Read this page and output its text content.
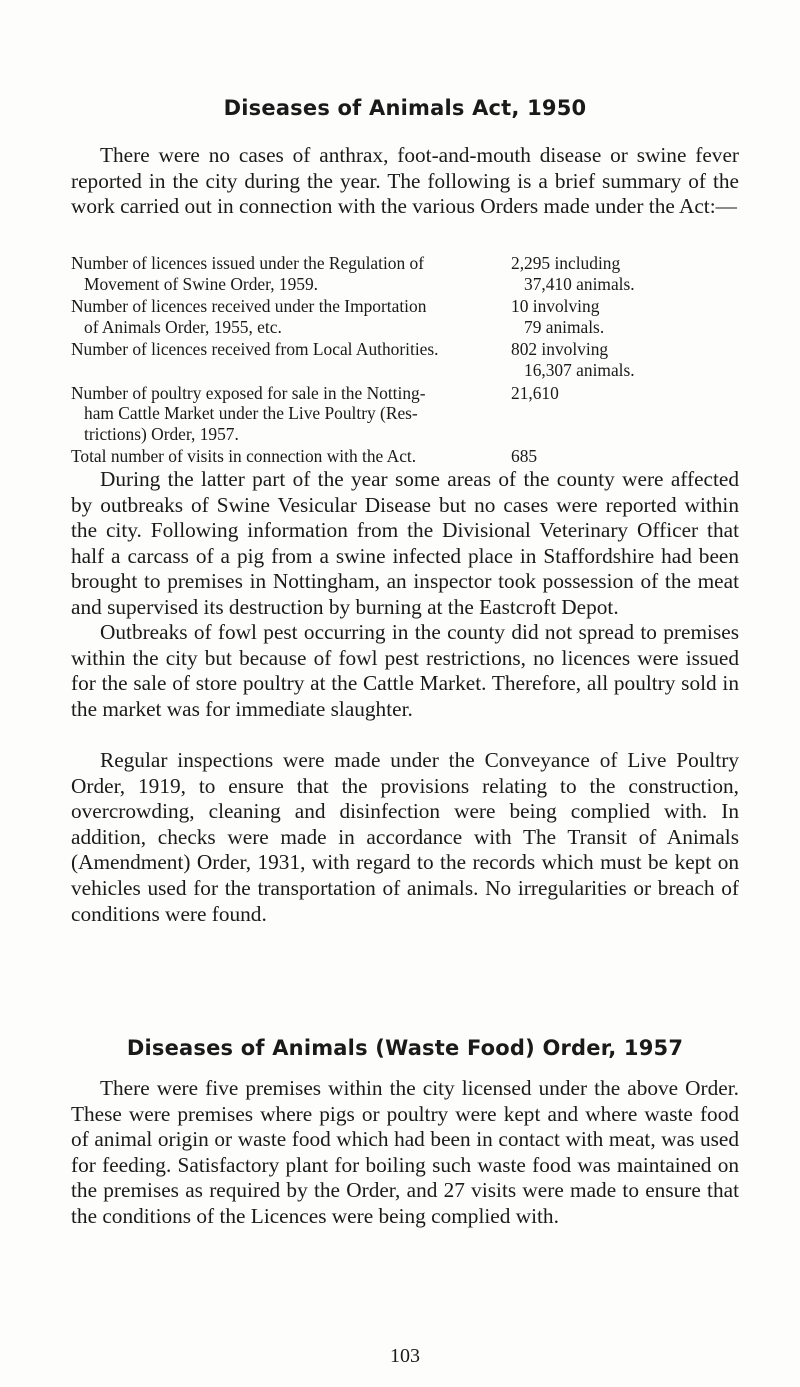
Diseases of Animals Act, 1950

There were no cases of anthrax, foot-and-mouth disease or swine fever reported in the city during the year. The following is a brief summary of the work carried out in connection with the various Orders made under the Act:—

Number of licences issued under the Regulation of
Movement of Swine Order, 1959.
2,295 including
37,410 animals.
Number of licences received under the Importation
of Animals Order, 1955, etc.
10 involving
79 animals.
Number of licences received from Local Authorities.	802 involving
16,307 animals.
Number of poultry exposed for sale in the Notting-
ham Cattle Market under the Live Poultry (Res-
trictions) Order, 1957.
21,610
Total number of visits in connection with the Act.	685

During the latter part of the year some areas of the county were affected by outbreaks of Swine Vesicular Disease but no cases were reported within the city. Following information from the Divisional Veterinary Officer that half a carcass of a pig from a swine infected place in Staffordshire had been brought to premises in Nottingham, an inspector took possession of the meat and supervised its destruction by burning at the Eastcroft Depot.

Outbreaks of fowl pest occurring in the county did not spread to premises within the city but because of fowl pest restrictions, no licences were issued for the sale of store poultry at the Cattle Market. Therefore, all poultry sold in the market was for immediate slaughter.

Regular inspections were made under the Conveyance of Live Poultry Order, 1919, to ensure that the provisions relating to the construction, overcrowding, cleaning and disinfection were being complied with. In addition, checks were made in accordance with The Transit of Animals (Amendment) Order, 1931, with regard to the records which must be kept on vehicles used for the transportation of animals. No irregularities or breach of conditions were found.

Diseases of Animals (Waste Food) Order, 1957

There were five premises within the city licensed under the above Order. These were premises where pigs or poultry were kept and where waste food of animal origin or waste food which had been in contact with meat, was used for feeding. Satisfactory plant for boiling such waste food was maintained on the premises as required by the Order, and 27 visits were made to ensure that the conditions of the Licences were being complied with.

103
